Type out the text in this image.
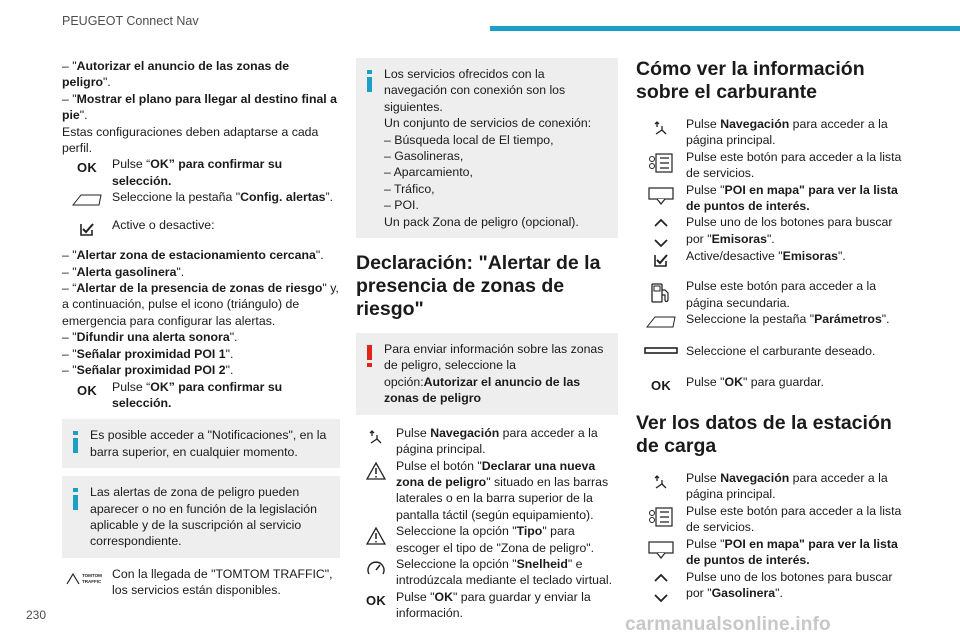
PEUGEOT Connect Nav

– "Autorizar el anuncio de las zonas de peligro".

– "Mostrar el plano para llegar al destino final a pie".

Estas configuraciones deben adaptarse a cada perfil.

OK Pulse “OK” para confirmar su selección.
Seleccione la pestaña "Config. alertas”.
Active o desactive:

– "Alertar zona de estacionamiento cercana".

– "Alerta gasolinera".

– “Alertar de la presencia de zonas de riesgo" y, a continuación, pulse el icono (triángulo) de emergencia para configurar las alertas.

– "Difundir una alerta sonora".

– "Señalar proximidad POI 1".

– "Señalar proximidad POI 2".

OK Pulse “OK” para confirmar su selección.

Es posible acceder a "Notificaciones", en la barra superior, en cualquier momento.

Las alertas de zona de peligro pueden aparecer o no en función de la legislación aplicable y de la suscripción al servicio correspondiente.

TOMTOM
TRAFFIC
Con la llegada de "TOMTOM TRAFFIC", los servicios están disponibles.

Los servicios ofrecidos con la navegación con conexión son los siguientes.
Un conjunto de servicios de conexión:
– Búsqueda local de El tiempo,
– Gasolineras,
– Aparcamiento,
– Tráfico,
– POI.
Un pack Zona de peligro (opcional).

Declaración: "Alertar de la presencia de zonas de riesgo"

Para enviar información sobre las zonas de peligro, seleccione la opción:Autorizar el anuncio de las zonas de peligro

Pulse Navegación para acceder a la página principal.
Pulse el botón "Declarar una nueva zona de peligro" situado en las barras laterales o en la barra superior de la pantalla táctil (según equipamiento).
Seleccione la opción "Tipo" para escoger el tipo de "Zona de peligro".
Seleccione la opción "Snelheid" e introdúzcala mediante el teclado virtual.
OK Pulse "OK" para guardar y enviar la información.
Cómo ver la información sobre el carburante
Pulse Navegación para acceder a la página principal.
Pulse este botón para acceder a la lista de servicios.
Pulse "POI en mapa" para ver la lista de puntos de interés.
Pulse uno de los botones para buscar por "Emisoras".
Active/desactive "Emisoras".
Pulse este botón para acceder a la página secundaria.
Seleccione la pestaña "Parámetros".
Seleccione el carburante deseado.
OK Pulse "OK" para guardar.
Ver los datos de la estación de carga
Pulse Navegación para acceder a la página principal.
Pulse este botón para acceder a la lista de servicios.
Pulse "POI en mapa" para ver la lista de puntos de interés.
Pulse uno de los botones para buscar por "Gasolinera".
230	carmanualsonline.info
